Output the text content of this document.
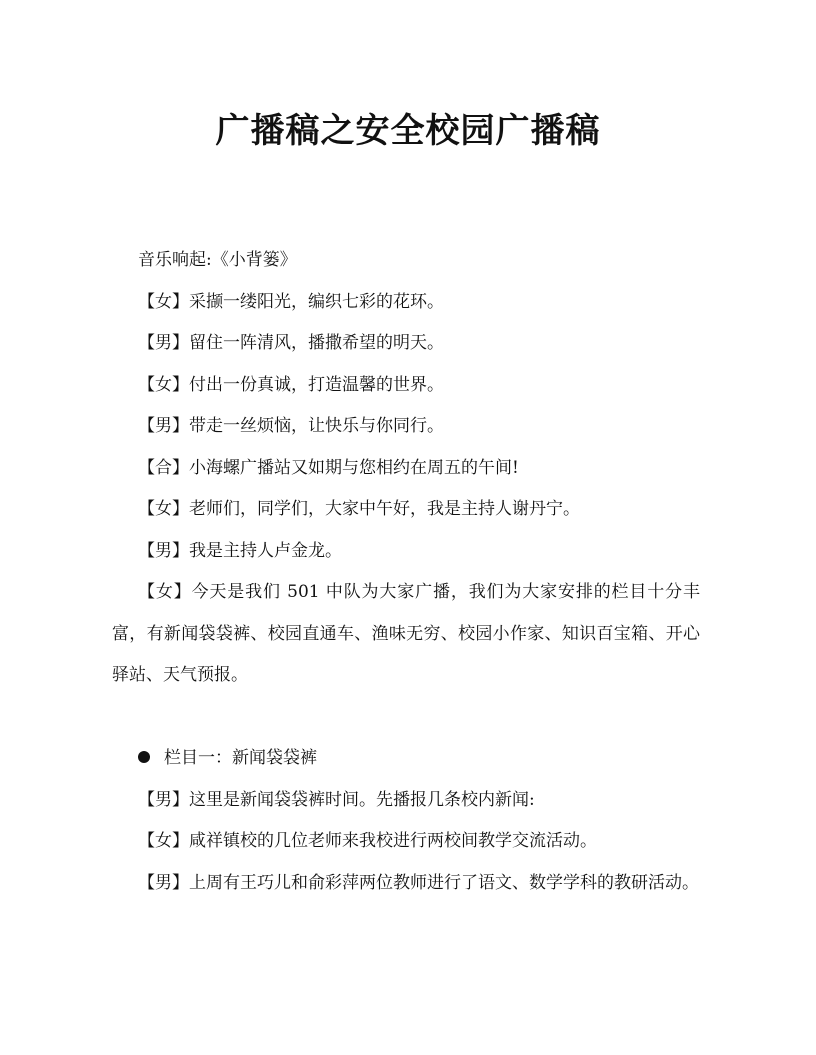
广播稿之安全校园广播稿

音乐响起:《小背篓》

【女】采撷一缕阳光，编织七彩的花环。

【男】留住一阵清风，播撒希望的明天。

【女】付出一份真诚，打造温馨的世界。

【男】带走一丝烦恼，让快乐与你同行。

【合】小海螺广播站又如期与您相约在周五的午间!

【女】老师们，同学们，大家中午好，我是主持人谢丹宁。

【男】我是主持人卢金龙。

【女】今天是我们 501 中队为大家广播，我们为大家安排的栏目十分丰富，有新闻袋袋裤、校园直通车、渔味无穷、校园小作家、知识百宝箱、开心驿站、天气预报。

栏目一：新闻袋袋裤

【男】这里是新闻袋袋裤时间。先播报几条校内新闻:

【女】咸祥镇校的几位老师来我校进行两校间教学交流活动。

【男】上周有王巧儿和俞彩萍两位教师进行了语文、数学学科的教研活动。
